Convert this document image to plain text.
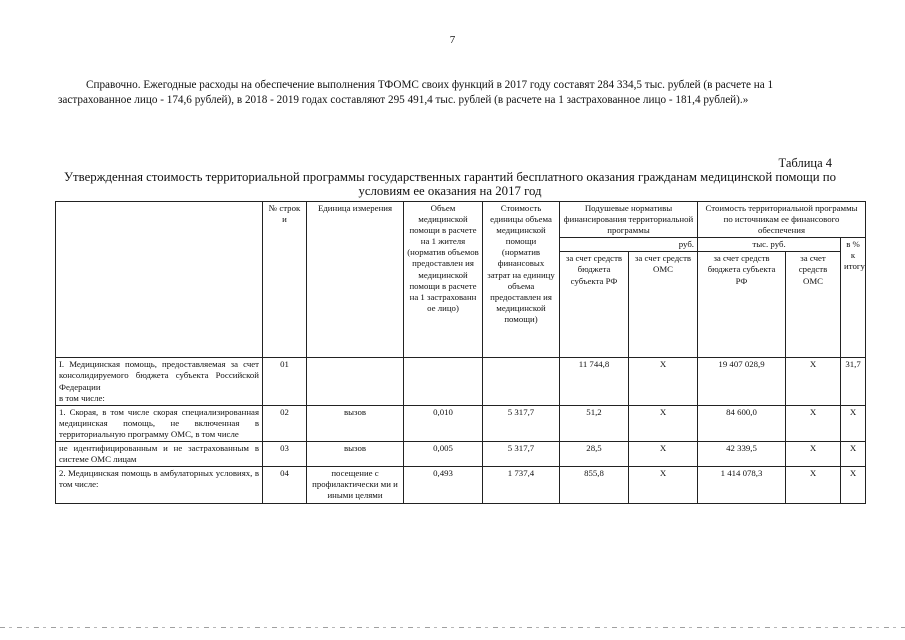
7
Справочно. Ежегодные расходы на обеспечение выполнения ТФОМС своих функций в 2017 году составят 284 334,5 тыс. рублей (в расчете на 1 застрахованное лицо - 174,6 рублей), в 2018 - 2019 годах составляют 295 491,4 тыс. рублей (в расчете на 1 застрахованное лицо - 181,4 рублей).»
Таблица 4
Утвержденная стоимость территориальной программы государственных гарантий бесплатного оказания гражданам медицинской помощи по условиям ее оказания на 2017 год
	№ строк и	Единица измерения	Объем медицинской помощи в расчете на 1 жителя (норматив объемов предоставлен ия медицинской помощи в расчете на 1 застрахованн ое лицо)	Стоимость единицы объема медицинской помощи (норматив финансовых затрат на единицу объема предоставлен ия медицинской помощи)	Подушевые нормативы финансирования территориальной программы		Стоимость территориальной программы по источникам ее финансового обеспечения		
					руб.		тыс. руб.		в % к итогу
					за счет средств бюджета субъекта РФ	за счет средств ОМС	за счет средств бюджета субъекта РФ	за счет средств ОМС	
I. Медицинская помощь, предоставляемая за счет консолидируемого бюджета субъекта Российской Федерации
в том числе:	01				11 744,8	Х	19 407 028,9	Х	31,7
1. Скорая, в том числе скорая специализированная медицинская помощь, не включенная в территориальную программу ОМС, в том числе	02	вызов	0,010	5 317,7	51,2	Х	84 600,0	Х	Х
не идентифицированным и не застрахованным в системе ОМС лицам	03	вызов	0,005	5 317,7	28,5	Х	42 339,5	Х	Х
2. Медицинская помощь в амбулаторных условиях, в том числе:	04	посещение с профилактически ми и иными целями	0,493	1 737,4	855,8	Х	1 414 078,3	Х	Х
